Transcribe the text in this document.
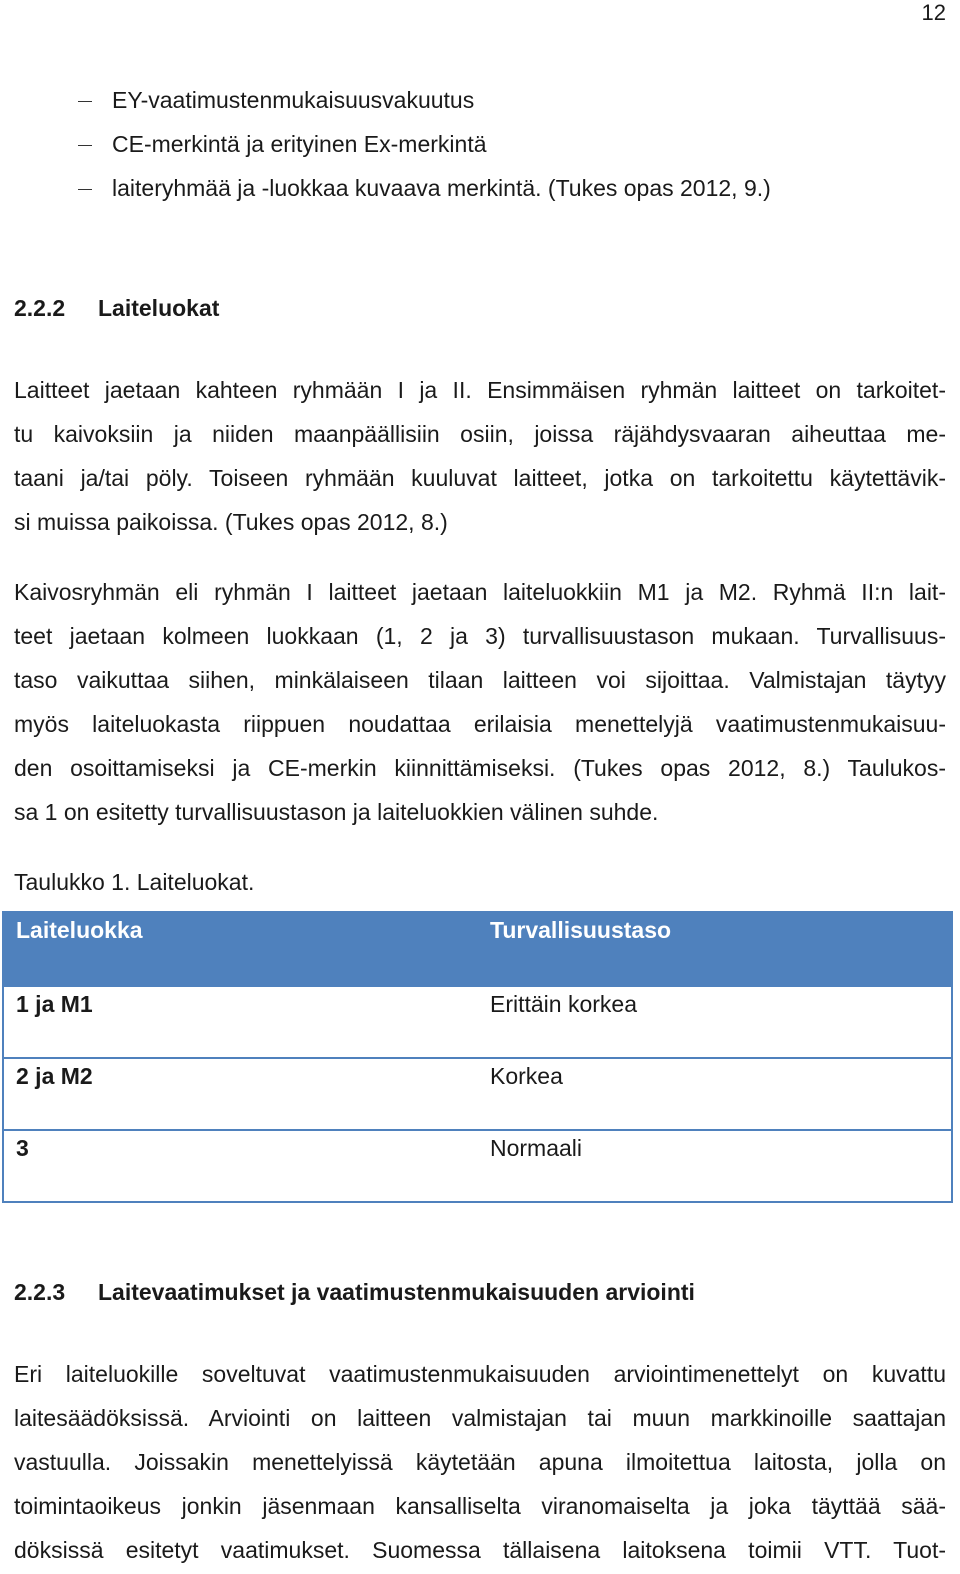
12
EY-vaatimustenmukaisuusvakuutus
CE-merkintä ja erityinen Ex-merkintä
laiteryhmää ja -luokkaa kuvaava merkintä. (Tukes opas 2012, 9.)
2.2.2 Laiteluokat
Laitteet jaetaan kahteen ryhmään I ja II. Ensimmäisen ryhmän laitteet on tarkoitet-
tu kaivoksiin ja niiden maanpäällisiin osiin, joissa räjähdysvaaran aiheuttaa me-
taani ja/tai pöly. Toiseen ryhmään kuuluvat laitteet, jotka on tarkoitettu käytettävik-
si muissa paikoissa. (Tukes opas 2012, 8.)
Kaivosryhmän eli ryhmän I laitteet jaetaan laiteluokkiin M1 ja M2. Ryhmä II:n lait-
teet jaetaan kolmeen luokkaan (1, 2 ja 3) turvallisuustason mukaan. Turvallisuus-
taso vaikuttaa siihen, minkälaiseen tilaan laitteen voi sijoittaa. Valmistajan täytyy
myös laiteluokasta riippuen noudattaa erilaisia menettelyjä vaatimustenmukaisuu-
den osoittamiseksi ja CE-merkin kiinnittämiseksi. (Tukes opas 2012, 8.) Taulukos-
sa 1 on esitetty turvallisuustason ja laiteluokkien välinen suhde.
Taulukko 1. Laiteluokat.
Laiteluokka	Turvallisuustaso
1 ja M1	Erittäin korkea
2 ja M2	Korkea
3	Normaali
2.2.3 Laitevaatimukset ja vaatimustenmukaisuuden arviointi
Eri laiteluokille soveltuvat vaatimustenmukaisuuden arviointimenettelyt on kuvattu
laitesäädöksissä. Arviointi on laitteen valmistajan tai muun markkinoille saattajan
vastuulla. Joissakin menettelyissä käytetään apuna ilmoitettua laitosta, jolla on
toimintaoikeus jonkin jäsenmaan kansalliselta viranomaiselta ja joka täyttää sää-
döksissä esitetyt vaatimukset. Suomessa tällaisena laitoksena toimii VTT. Tuot-
